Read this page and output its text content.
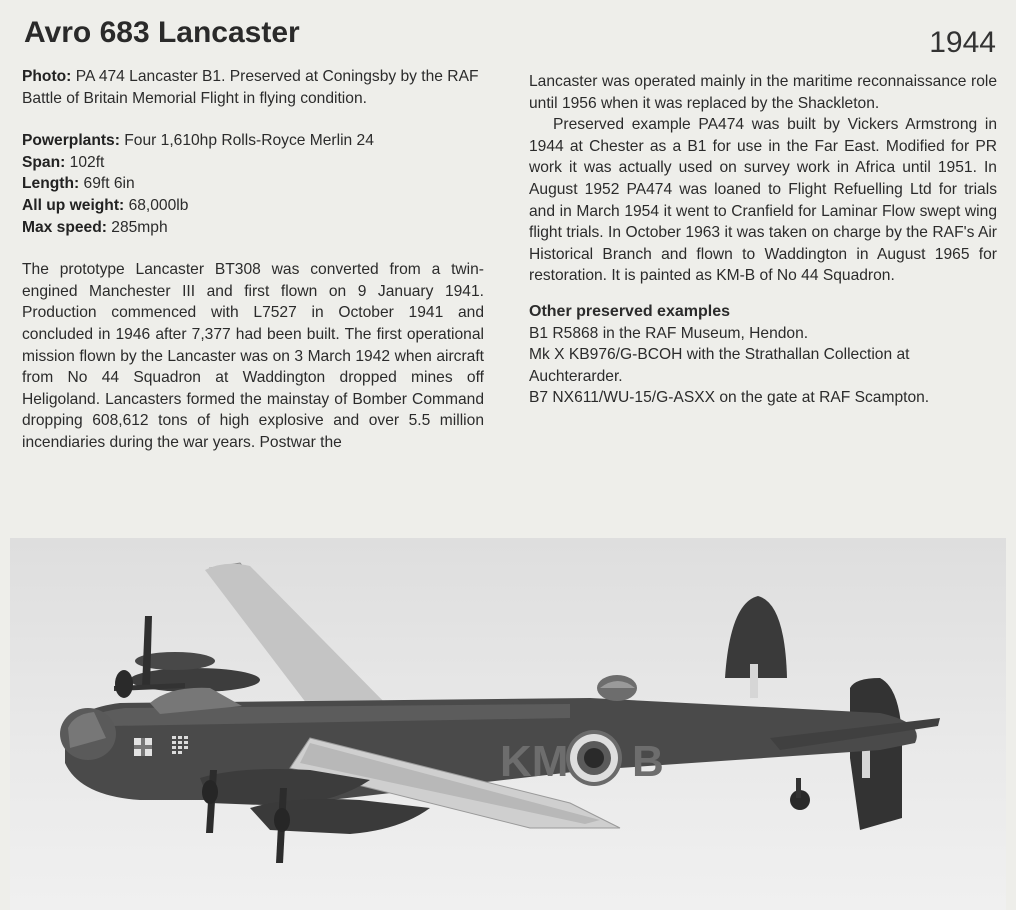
Avro 683 Lancaster	1944

Photo: PA 474 Lancaster B1. Preserved at Coningsby by the RAF Battle of Britain Memorial Flight in flying condition.

Powerplants: Four 1,610hp Rolls-Royce Merlin 24

Span: 102ft

Length: 69ft 6in

All up weight: 68,000lb

Max speed: 285mph

The prototype Lancaster BT308 was converted from a twin-engined Manchester III and first flown on 9 January 1941. Production commenced with L7527 in October 1941 and concluded in 1946 after 7,377 had been built. The first operational mission flown by the Lancaster was on 3 March 1942 when aircraft from No 44 Squadron at Waddington dropped mines off Heligoland. Lancasters formed the mainstay of Bomber Command dropping 608,612 tons of high explosive and over 5.5 million incendiaries during the war years. Postwar the

Lancaster was operated mainly in the maritime reconnaissance role until 1956 when it was replaced by the Shackleton.

Preserved example PA474 was built by Vickers Armstrong in 1944 at Chester as a B1 for use in the Far East. Modified for PR work it was actually used on survey work in Africa until 1951. In August 1952 PA474 was loaned to Flight Refuelling Ltd for trials and in March 1954 it went to Cranfield for Laminar Flow swept wing flight trials. In October 1963 it was taken on charge by the RAF's Air Historical Branch and flown to Waddington in August 1965 for restoration. It is painted as KM-B of No 44 Squadron.

Other preserved examples

B1 R5868 in the RAF Museum, Hendon.

Mk X KB976/G-BCOH with the Strathallan Collection at Auchterarder.

B7 NX611/WU-15/G-ASXX on the gate at RAF Scampton.

KM B
